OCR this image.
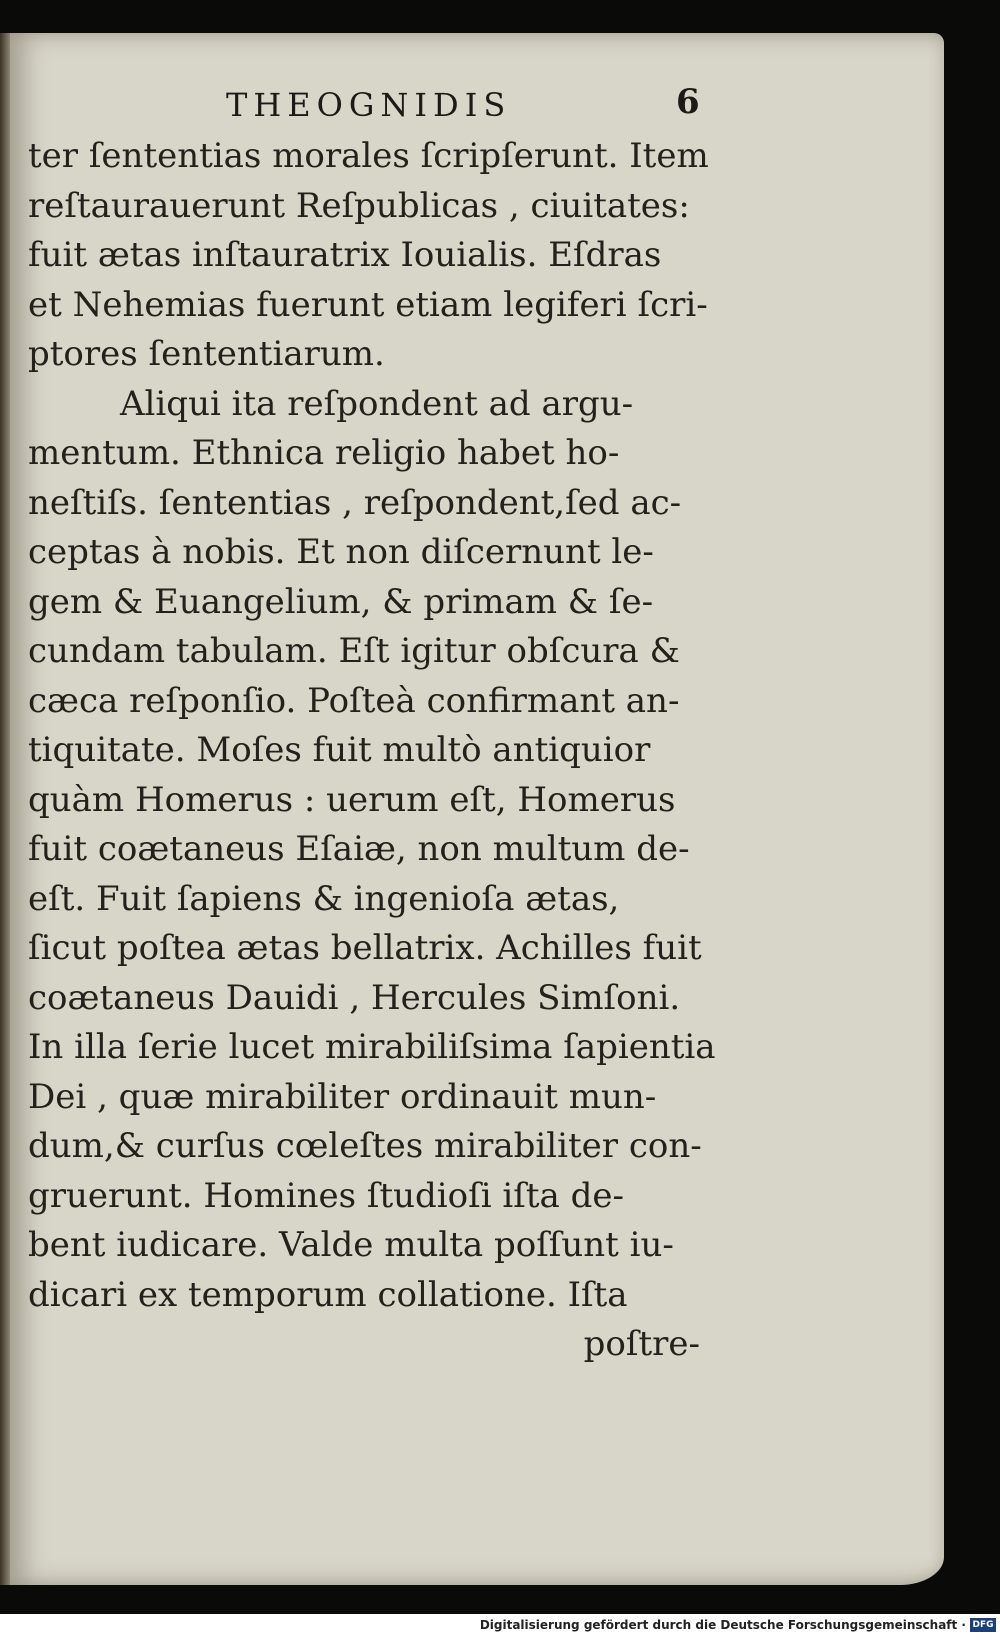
THEOGNIDIS	6
ter ſententias morales ſcripſerunt. Item
reſtaurauerunt Reſpublicas , ciuitates:
fuit ætas inſtauratrix Iouialis. Eſdras
et Nehemias fuerunt etiam legiferi ſcri-
ptores ſententiarum.
Aliqui ita reſpondent ad argu-
mentum. Ethnica religio habet ho-
neſtiſs. ſententias , reſpondent,ſed ac-
ceptas à nobis. Et non diſcernunt le-
gem & Euangelium, & primam & ſe-
cundam tabulam. Eſt igitur obſcura &
cæca reſponſio. Poſteà confirmant an-
tiquitate. Moſes fuit multò antiquior
quàm Homerus : uerum eſt, Homerus
fuit coætaneus Eſaiæ, non multum de-
eſt. Fuit ſapiens & ingenioſa ætas,
ſicut poſtea ætas bellatrix. Achilles fuit
coætaneus Dauidi , Hercules Simſoni.
In illa ſerie lucet mirabiliſsima ſapientia
Dei , quæ mirabiliter ordinauit mun-
dum,& curſus cœleſtes mirabiliter con-
gruerunt. Homines ſtudioſi iſta de-
bent iudicare. Valde multa poſſunt iu-
dicari ex temporum collatione. Iſta
poſtre-
Digitalisierung gefördert durch die Deutsche Forschungsgemeinschaft · DFG
